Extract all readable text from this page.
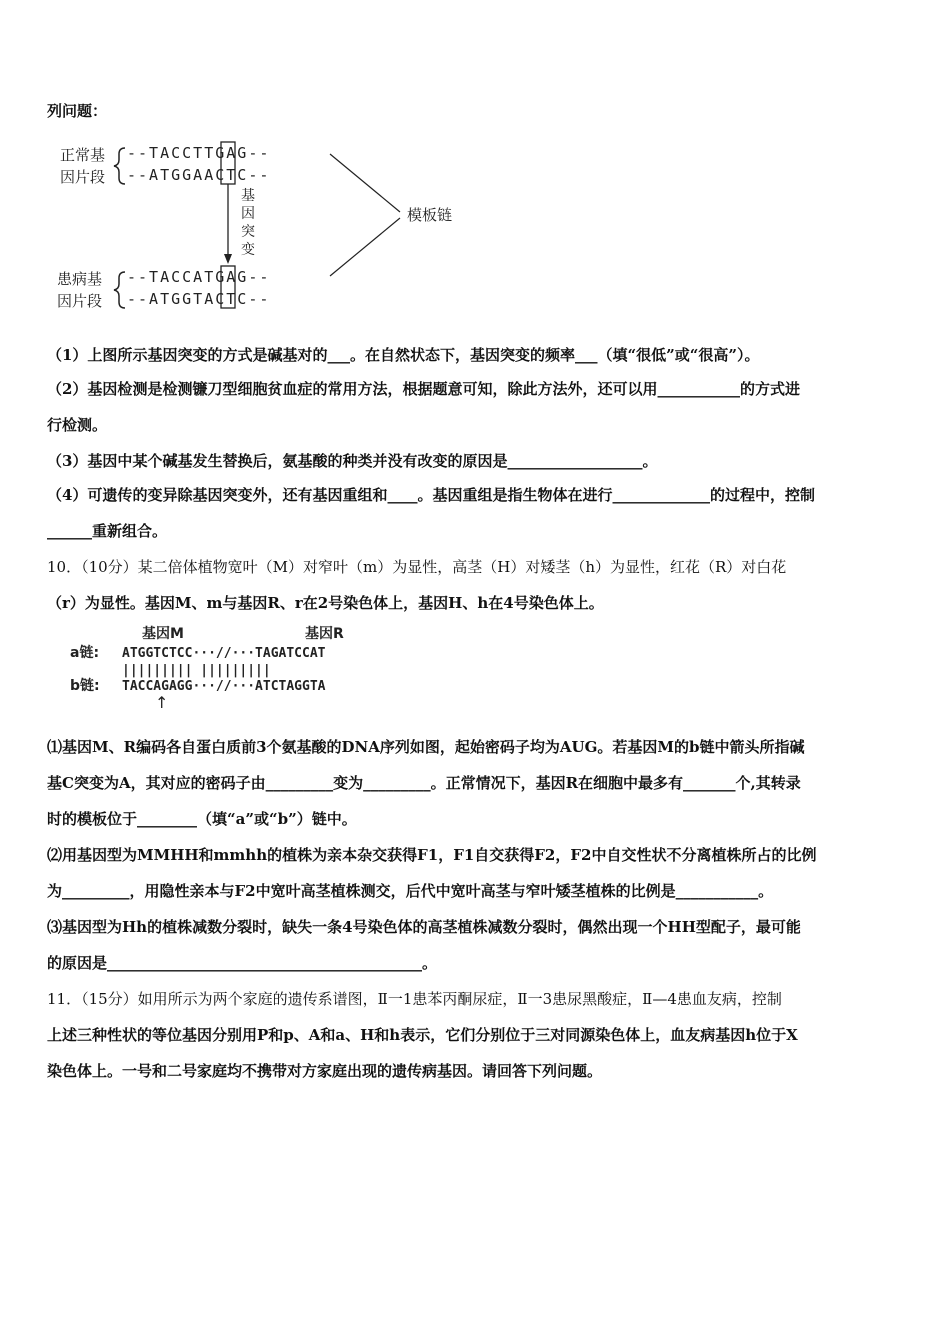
列问题：
正常基
因片段
患病基
因片段
--TACCTTGAG--
--ATGGAACTC--
--TACCATGAG--
--ATGGTACTC--
基
因
突
变
模板链
（1）上图所示基因突变的方式是碱基对的___。在自然状态下，基因突变的频率___（填“很低”或“很高”）。
（2）基因检测是检测镰刀型细胞贫血症的常用方法，根据题意可知，除此方法外，还可以用___________的方式进
行检测。
（3）基因中某个碱基发生替换后，氨基酸的种类并没有改变的原因是__________________。
（4）可遗传的变异除基因突变外，还有基因重组和____。基因重组是指生物体在进行_____________的过程中，控制
______重新组合。
10．（10分）某二倍体植物宽叶（M）对窄叶（m）为显性，高茎（H）对矮茎（h）为显性，红花（R）对白花
（r）为显性。基因M、m与基因R、r在2号染色体上，基因H、h在4号染色体上。
基因M	基因R
a链:
b链:
ATGGTCTCC···//···TAGATCCAT
||||||||| |||||||||
TACCAGAGG···//···ATCTAGGTA
↑
⑴基因M、R编码各自蛋白质前3个氨基酸的DNA序列如图，起始密码子均为AUG。若基因M的b链中箭头所指碱
基C突变为A，其对应的密码子由_________变为_________。正常情况下，基因R在细胞中最多有_______个,其转录
时的模板位于________（填“a”或“b”）链中。
⑵用基因型为MMHH和mmhh的植株为亲本杂交获得F1，F1自交获得F2，F2中自交性状不分离植株所占的比例
为_________，用隐性亲本与F2中宽叶高茎植株测交，后代中宽叶高茎与窄叶矮茎植株的比例是___________。
⑶基因型为Hh的植株减数分裂时，缺失一条4号染色体的高茎植株减数分裂时，偶然出现一个HH型配子，最可能
的原因是__________________________________________。
11．（15分）如用所示为两个家庭的遗传系谱图，Ⅱ一1患苯丙酮尿症，Ⅱ一3患尿黑酸症，Ⅱ—4患血友病，控制
上述三种性状的等位基因分别用P和p、A和a、H和h表示，它们分别位于三对同源染色体上，血友病基因h位于X
染色体上。一号和二号家庭均不携带对方家庭出现的遗传病基因。请回答下列问题。
